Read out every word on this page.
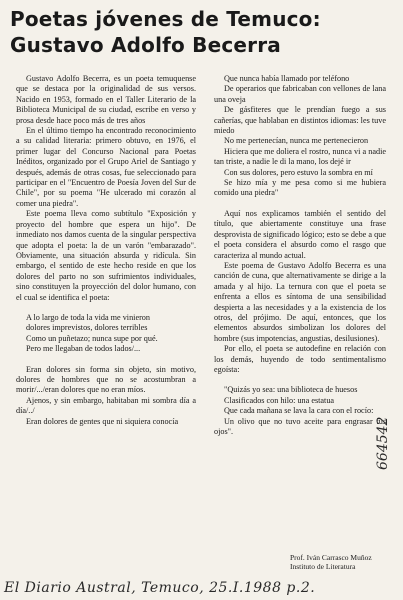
Poetas jóvenes de Temuco:
Gustavo Adolfo Becerra

Gustavo Adolfo Becerra, es un poeta temuquense que se destaca por la originalidad de sus versos. Nacido en 1953, formado en el Taller Literario de la Biblioteca Municipal de su ciudad, escribe en verso y prosa desde hace poco más de tres años

En el último tiempo ha encontrado reconocimiento a su calidad literaria: primero obtuvo, en 1976, el primer lugar del Concurso Nacional para Poetas Inéditos, organizado por el Grupo Ariel de Santiago y después, además de otras cosas, fue seleccionado para participar en el "Encuentro de Poesía Joven del Sur de Chile", por su poema "He ulcerado mi corazón al comer una piedra".

Este poema lleva como subtítulo "Exposición y proyecto del hombre que espera un hijo". De inmediato nos damos cuenta de la singular perspectiva que adopta el poeta: la de un varón "embarazado". Obviamente, una situación absurda y ridícula. Sin embargo, el sentido de este hecho reside en que los dolores del parto no son sufrimientos individuales, sino constituyen la proyección del dolor humano, con el cual se identifica el poeta:

A lo largo de toda la vida me vinieron

dolores imprevistos, dolores terribles

Como un puñetazo; nunca supe por qué.

Pero me llegaban de todos lados/...

Eran dolores sin forma sin objeto, sin motivo, dolores de hombres que no se acostumbran a morir/.../eran dolores que no eran míos.

Ajenos, y sin embargo, habitaban mi sombra día a día/../

Eran dolores de gentes que ni siquiera conocía

Que nunca había llamado por teléfono

De operarios que fabricaban con vellones de lana una oveja

De gásfiteres que le prendían fuego a sus cañerías, que hablaban en distintos idiomas: les tuve miedo

No me pertenecían, nunca me pertenecieron

Hiciera que me doliera el rostro, nunca vi a nadie tan triste, a nadie le di la mano, los dejé ir

Con sus dolores, pero estuvo la sombra en mí

Se hizo mía y me pesa como si me hubiera comido una piedra"

Aquí nos explicamos también el sentido del título, que abiertamente constituye una frase desprovista de significado lógico; esto se debe a que el poeta considera el absurdo como el rasgo que caracteriza al mundo actual.

Este poema de Gustavo Adolfo Becerra es una canción de cuna, que alternativamente se dirige a la amada y al hijo. La ternura con que el poeta se enfrenta a ellos es síntoma de una sensibilidad despierta a las necesidades y a la existencia de los otros, del prójimo. De aquí, entonces, que los elementos absurdos simbolizan los dolores del hombre (sus impotencias, angustias, desilusiones).

Por ello, el poeta se autodefine en relación con los demás, huyendo de todo sentimentalismo egoísta:

"Quizás yo sea: una biblioteca de huesos

Clasificados con hilo: una estatua

Que cada mañana se lava la cara con el rocío:

Un olivo que no tuvo aceite para engrasar tus ojos".

Prof. Iván Carrasco Muñoz
Instituto de Literatura
El Diario Austral, Temuco, 25.I.1988 p.2.
664542
